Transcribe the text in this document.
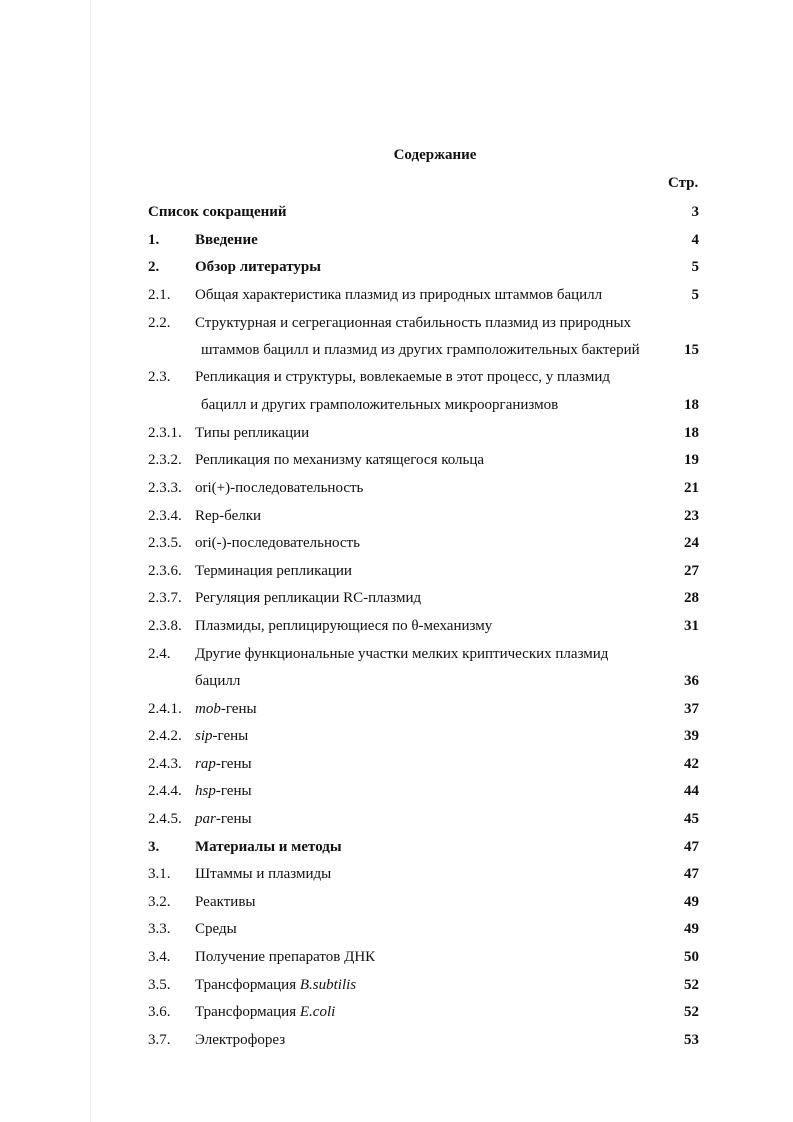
Содержание
Стр.
Список сокращений	3
1. Введение	4
2. Обзор литературы	5
2.1. Общая характеристика плазмид из природных штаммов бацилл	5
2.2. Структурная и сегрегационная стабильность плазмид из природных
штаммов бацилл и плазмид из других грамположительных бактерий	15
2.3. Репликация и структуры, вовлекаемые в этот процесс, у плазмид
бацилл и других грамположительных микроорганизмов	18
2.3.1. Типы репликации	18
2.3.2. Репликация по механизму катящегося кольца	19
2.3.3. ori(+)-последовательность	21
2.3.4. Rep-белки	23
2.3.5. ori(-)-последовательность	24
2.3.6. Терминация репликации	27
2.3.7. Регуляция репликации RC-плазмид	28
2.3.8. Плазмиды, реплицирующиеся по θ-механизму	31
2.4. Другие функциональные участки мелких криптических плазмид
бацилл	36
2.4.1. mob-гены	37
2.4.2. sip-гены	39
2.4.3. rap-гены	42
2.4.4. hsp-гены	44
2.4.5. par-гены	45
3. Материалы и методы	47
3.1. Штаммы и плазмиды	47
3.2. Реактивы	49
3.3. Среды	49
3.4. Получение препаратов ДНК	50
3.5. Трансформация B.subtilis	52
3.6. Трансформация E.coli	52
3.7. Электрофорез	53
